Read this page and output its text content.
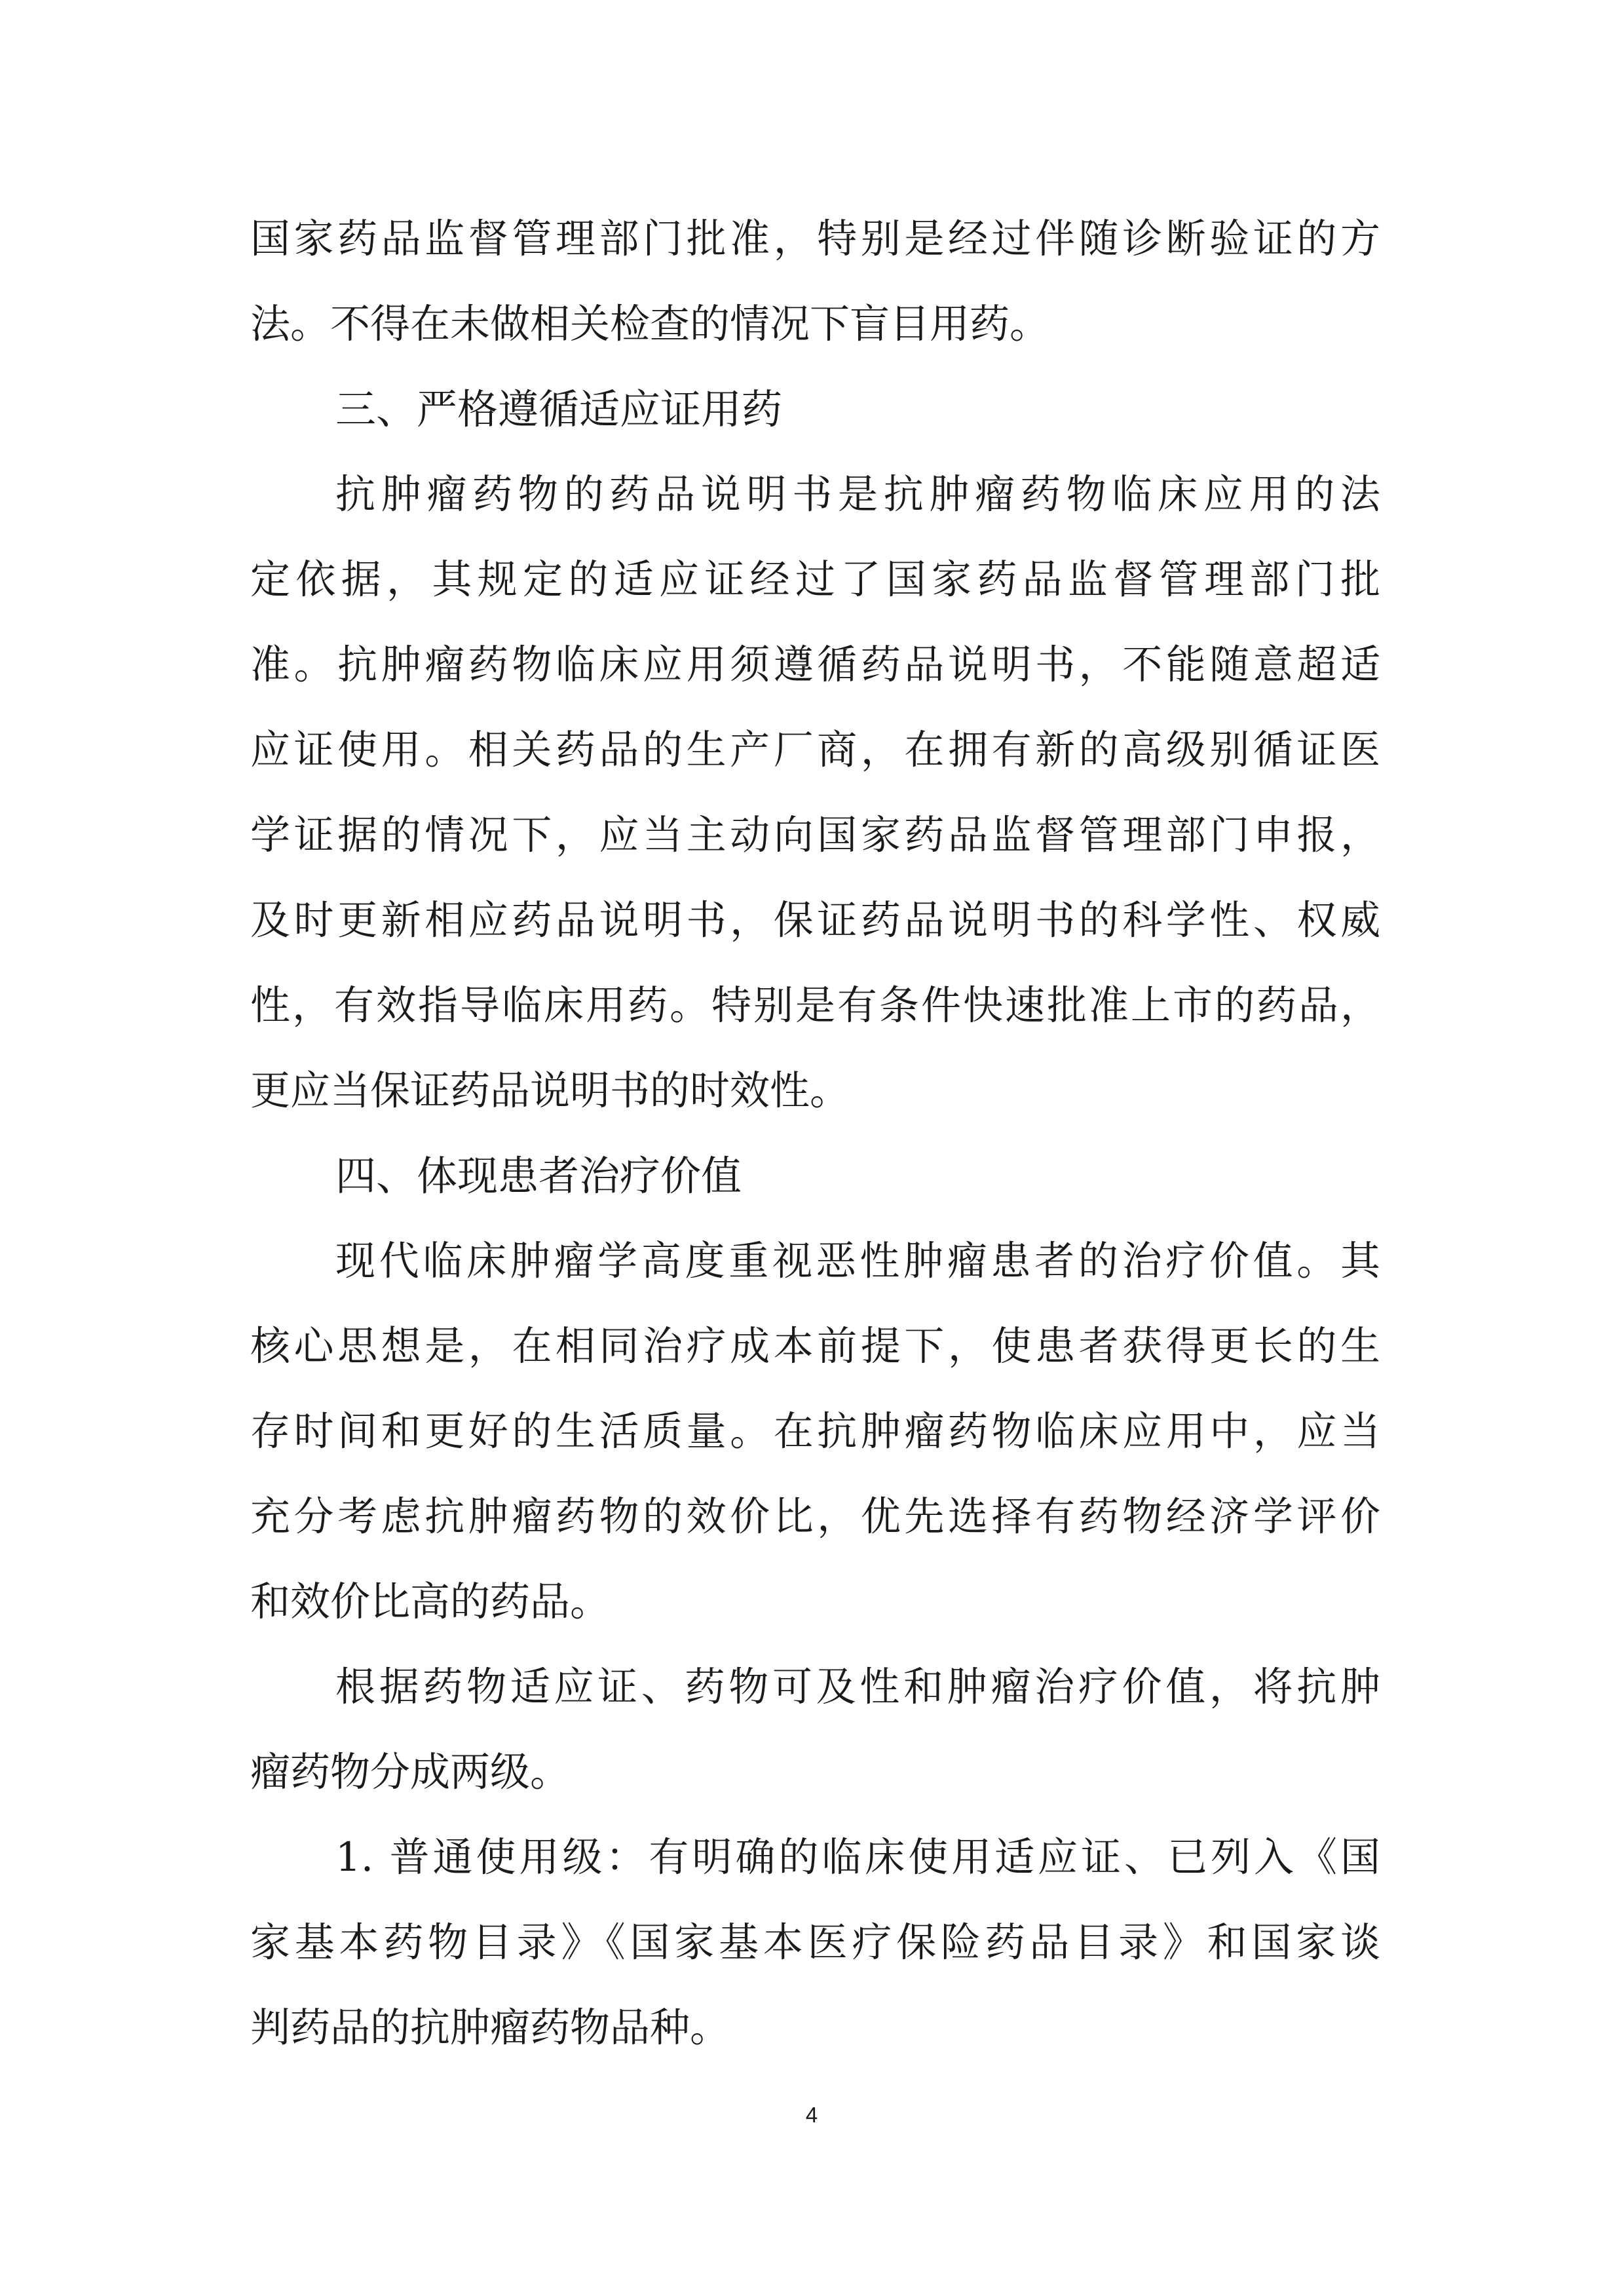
国家药品监督管理部门批准，特别是经过伴随诊断验证的方
法。不得在未做相关检查的情况下盲目用药。
三、严格遵循适应证用药
抗肿瘤药物的药品说明书是抗肿瘤药物临床应用的法
定依据，其规定的适应证经过了国家药品监督管理部门批
准。抗肿瘤药物临床应用须遵循药品说明书，不能随意超适
应证使用。相关药品的生产厂商，在拥有新的高级别循证医
学证据的情况下，应当主动向国家药品监督管理部门申报，
及时更新相应药品说明书，保证药品说明书的科学性、权威
性，有效指导临床用药。特别是有条件快速批准上市的药品，
更应当保证药品说明书的时效性。
四、体现患者治疗价值
现代临床肿瘤学高度重视恶性肿瘤患者的治疗价值。其
核心思想是，在相同治疗成本前提下，使患者获得更长的生
存时间和更好的生活质量。在抗肿瘤药物临床应用中，应当
充分考虑抗肿瘤药物的效价比，优先选择有药物经济学评价
和效价比高的药品。
根据药物适应证、药物可及性和肿瘤治疗价值，将抗肿
瘤药物分成两级。
1. 普通使用级：有明确的临床使用适应证、已列入《国
家基本药物目录》《国家基本医疗保险药品目录》和国家谈
判药品的抗肿瘤药物品种。
4
